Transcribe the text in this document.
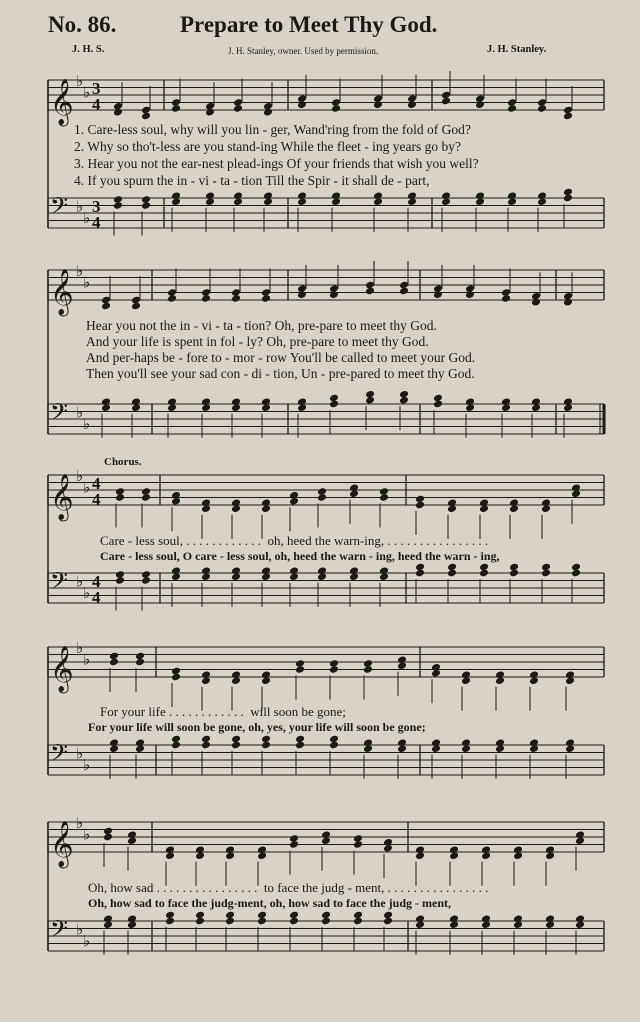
No. 86.	Prepare to Meet Thy God.
J. H. S.	J. H. Stanley, owner. Used by permission.	J. H. Stanley.
𝄞 ♭
♭ 3
4
𝄢 ♭
♭
3
4
𝄞 ♭
♭
𝄢 ♭
♭
𝄞 ♭
♭ 4
4
𝄢 ♭
♭
4
4
𝄞 ♭
♭
𝄢 ♭
♭
𝄞 ♭
♭
𝄢 ♭
♭
1. Care-less soul, why will you lin - ger, Wand'ring from the fold of God?
2. Why so tho't-less are you stand-ing While the fleet - ing years go by?
3. Hear you not the ear-nest plead-ings Of your friends that wish you well?
4. If you spurn the in - vi - ta - tion Till the Spir - it shall de - part,
Hear you not the in - vi - ta - tion? Oh, pre-pare to meet thy God.
And your life is spent in fol - ly? Oh, pre-pare to meet thy God.
And per-haps be - fore to - mor - row You'll be called to meet your God.
Then you'll see your sad con - di - tion, Un - pre-pared to meet thy God.
Chorus.
Care - less soul, . . . . . . . . . . . .  oh, heed the warn-ing, . . . . . . . . . . . . . . . .
Care - less soul, O care - less soul, oh, heed the warn - ing, heed the warn - ing,
For your life . . . . . . . . . . . .  will soon be gone;
For your life will soon be gone, oh, yes, your life will soon be gone;
Oh, how sad . . . . . . . . . . . . . . . .  to face the judg - ment, . . . . . . . . . . . . . . . .
Oh, how sad to face the judg-ment, oh, how sad to face the judg - ment,
